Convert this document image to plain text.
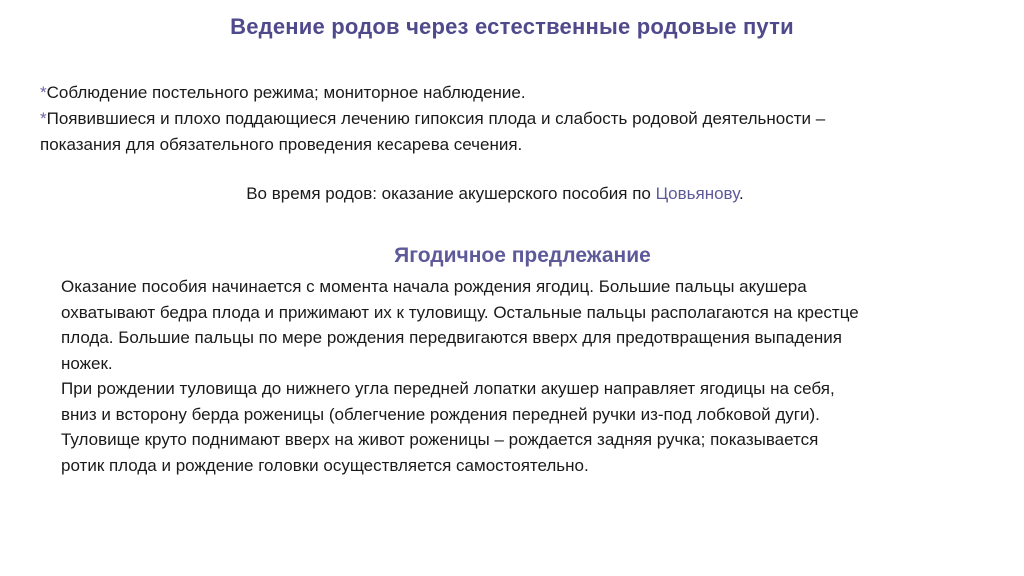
Ведение родов через естественные родовые пути
*Соблюдение постельного режима; мониторное наблюдение.
*Появившиеся и плохо поддающиеся лечению гипоксия плода и слабость родовой деятельности –
показания для обязательного проведения кесарева сечения.
Во время родов: оказание акушерского пособия по Цовьянову.
Ягодичное предлежание
Оказание пособия начинается с момента начала рождения ягодиц. Большие пальцы акушера
охватывают бедра плода и прижимают их к туловищу. Остальные пальцы располагаются на крестце
плода. Большие пальцы по мере рождения передвигаются вверх для предотвращения выпадения
ножек.
При рождении туловища до нижнего угла передней лопатки акушер направляет ягодицы на себя,
вниз и всторону берда роженицы (облегчение рождения передней ручки из-под лобковой дуги).
Туловище круто поднимают вверх на живот роженицы – рождается задняя ручка; показывается
ротик плода и рождение головки осуществляется самостоятельно.
